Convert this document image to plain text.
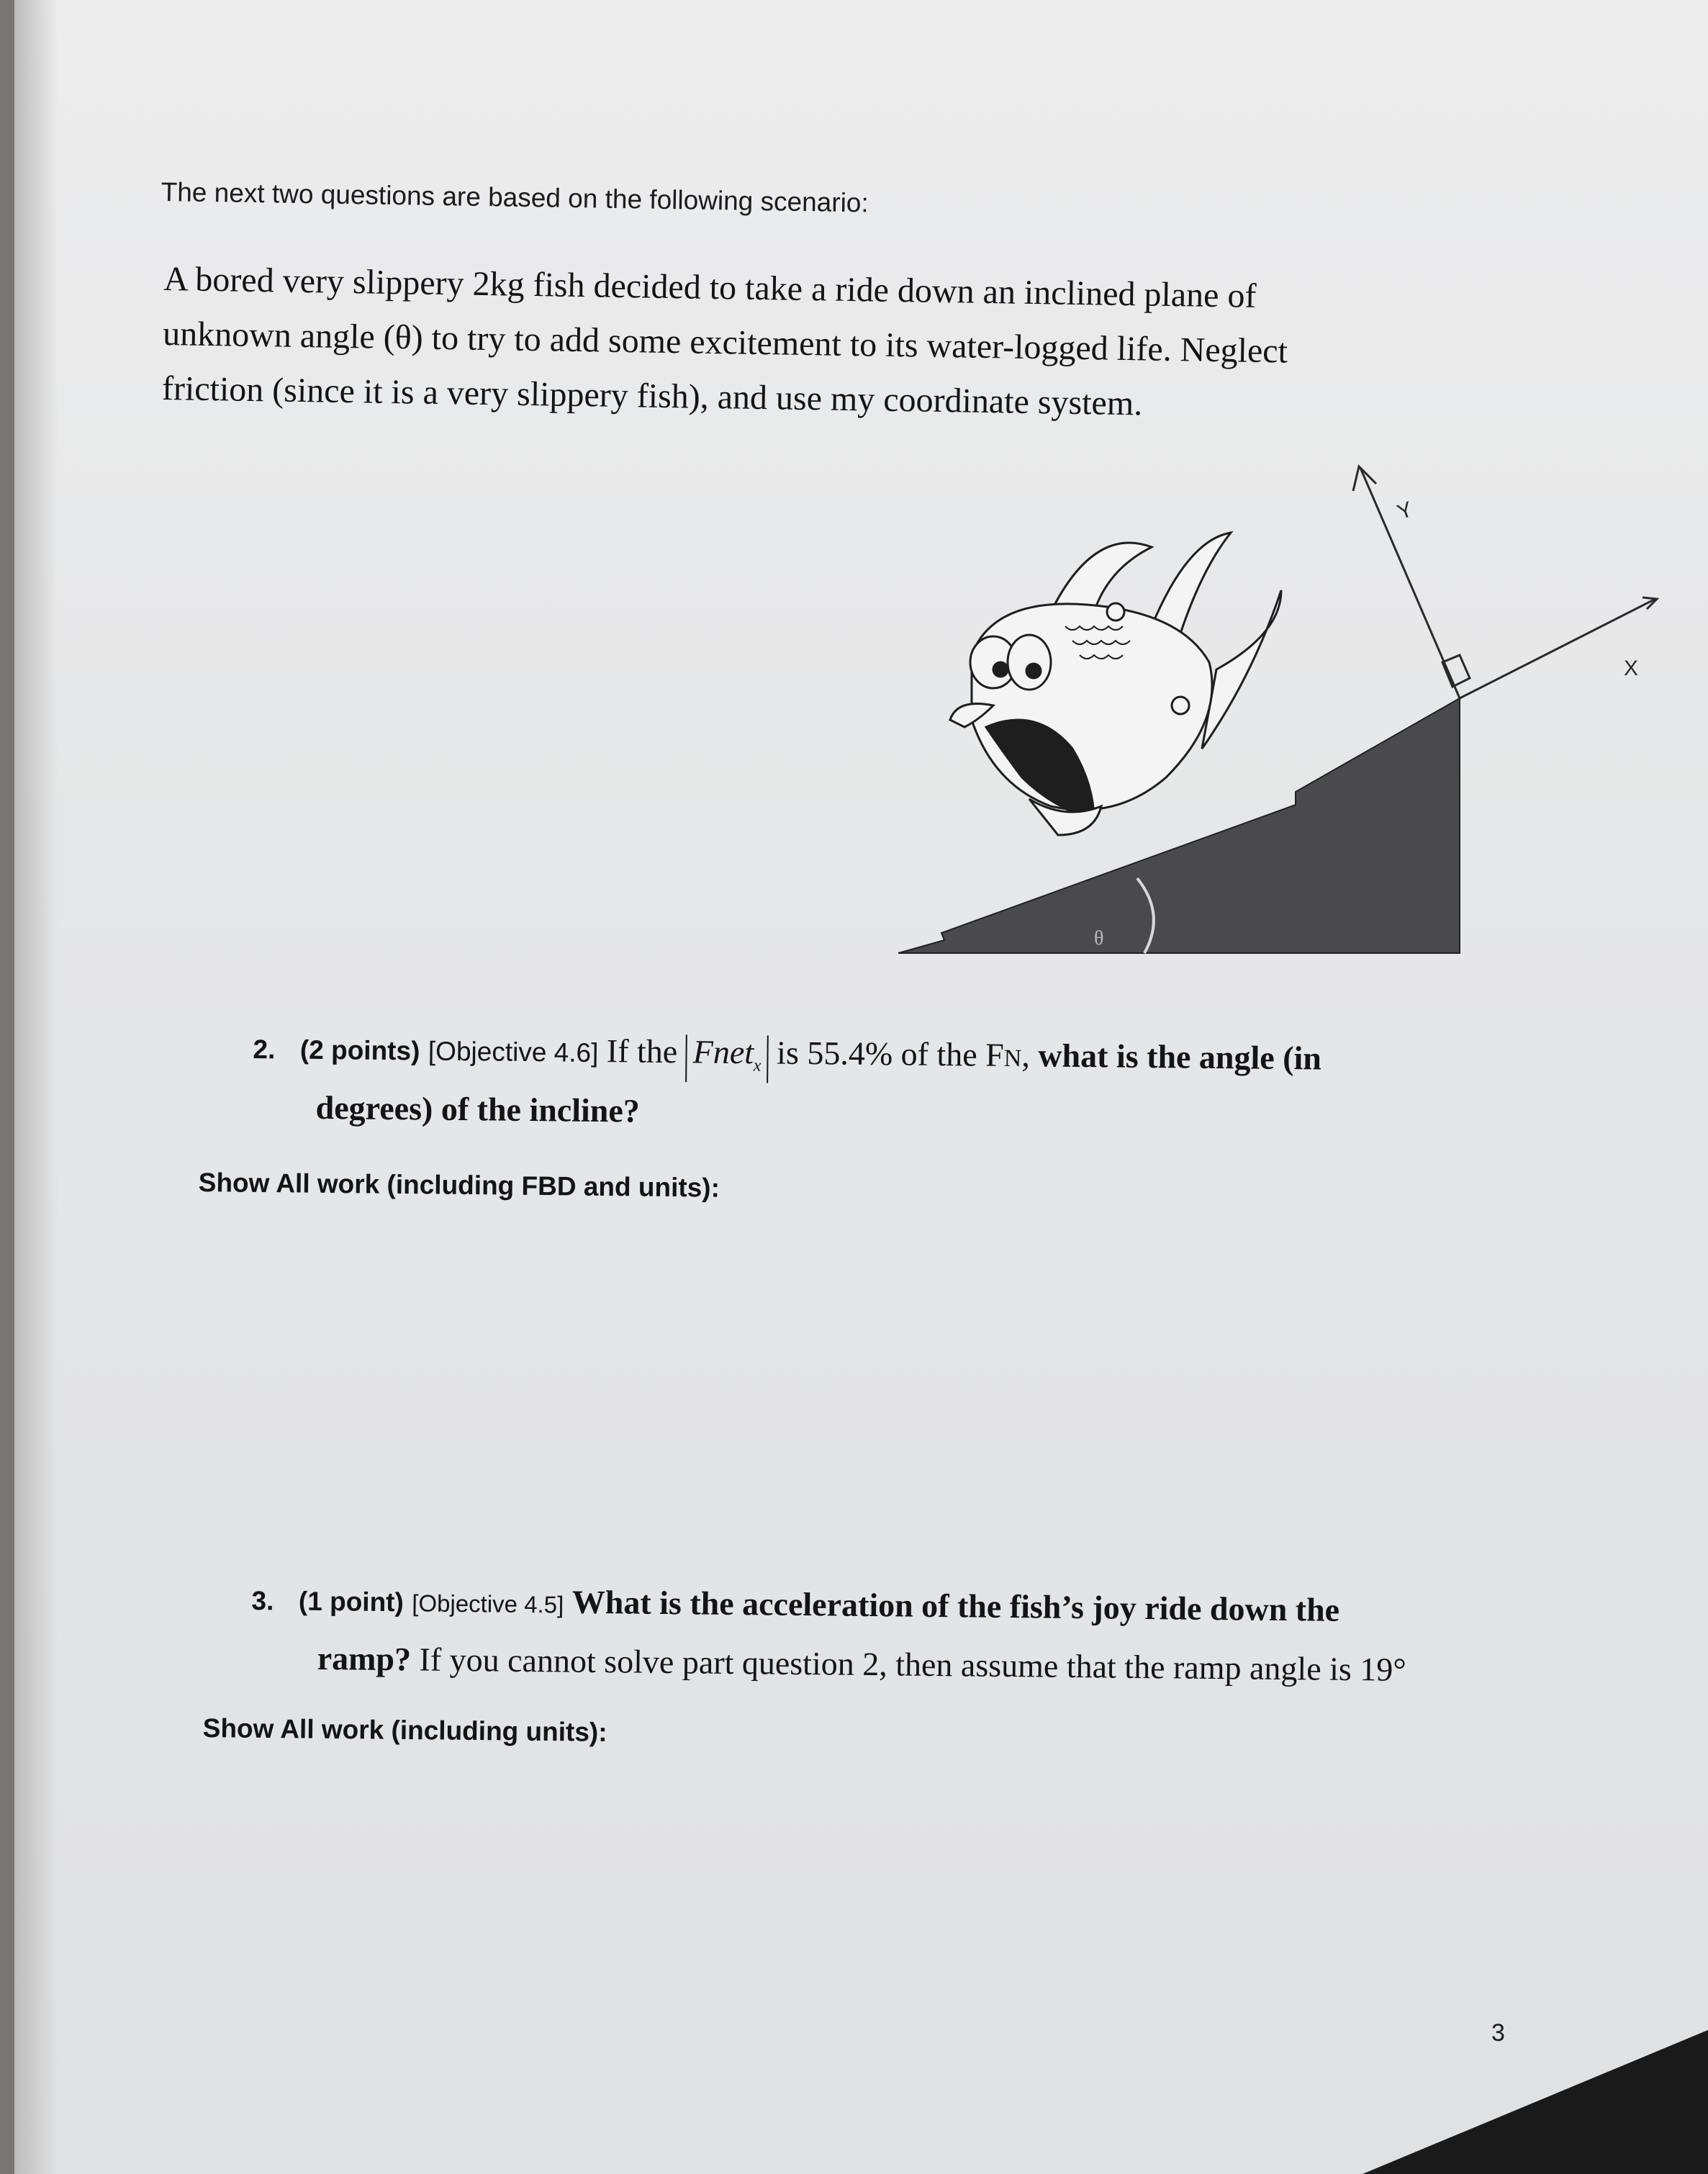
The next two questions are based on the following scenario:

A bored very slippery 2kg fish decided to take a ride down an inclined plane of
unknown angle (θ) to try to add some excitement to its water-logged life. Neglect
friction (since it is a very slippery fish), and use my coordinate system.
θ
X
Y
2. (2 points) [Objective 4.6] If the Fnet$_x$ is 55.4% of the FN, what is the angle (in
degrees) of the incline?
Show All work (including FBD and units):
3. (1 point) [Objective 4.5] What is the acceleration of the fish’s joy ride down the
ramp? If you cannot solve part question 2, then assume that the ramp angle is 19°
Show All work (including units):
3
